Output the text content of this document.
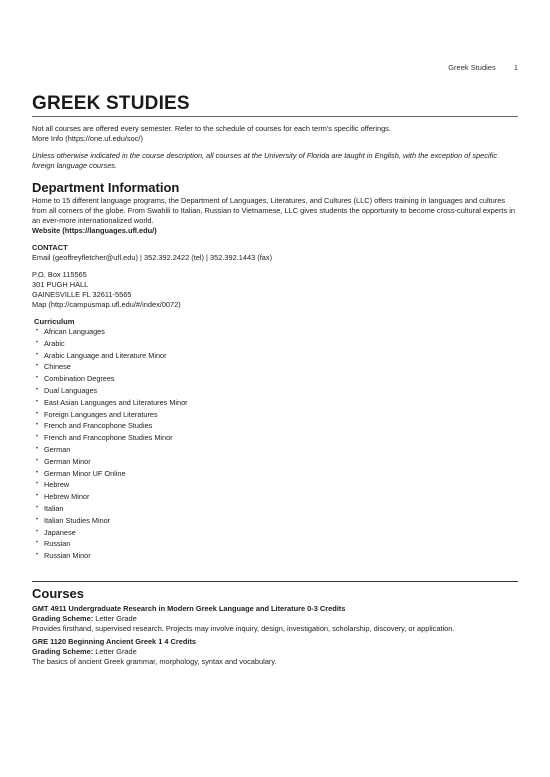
Greek Studies 1
GREEK STUDIES
Not all courses are offered every semester. Refer to the schedule of courses for each term's specific offerings.
More Info (https://one.uf.edu/soc/)
Unless otherwise indicated in the course description, all courses at the University of Florida are taught in English, with the exception of specific foreign language courses.
Department Information
Home to 15 different language programs, the Department of Languages, Literatures, and Cultures (LLC) offers training in languages and cultures from all corners of the globe. From Swahili to Italian, Russian to Vietnamese, LLC gives students the opportunity to become cross-cultural experts in an ever-more internationalized world.
Website (https://languages.ufl.edu/)
CONTACT
Email (geoffreyfletcher@ufl.edu) | 352.392.2422 (tel) | 352.392.1443 (fax)
P.O. Box 115565
301 PUGH HALL
GAINESVILLE FL 32611-5565
Map (http://campusmap.ufl.edu/#/index/0072)
Curriculum
• African Languages
• Arabic
• Arabic Language and Literature Minor
• Chinese
• Combination Degrees
• Dual Languages
• East Asian Languages and Literatures Minor
• Foreign Languages and Literatures
• French and Francophone Studies
• French and Francophone Studies Minor
• German
• German Minor
• German Minor UF Online
• Hebrew
• Hebrew Minor
• Italian
• Italian Studies Minor
• Japanese
• Russian
• Russian Minor
Courses
GMT 4911 Undergraduate Research in Modern Greek Language and Literature 0-3 Credits
Grading Scheme: Letter Grade
Provides firsthand, supervised research. Projects may involve inquiry, design, investigation, scholarship, discovery, or application.
GRE 1120 Beginning Ancient Greek 1 4 Credits
Grading Scheme: Letter Grade
The basics of ancient Greek grammar, morphology, syntax and vocabulary.
